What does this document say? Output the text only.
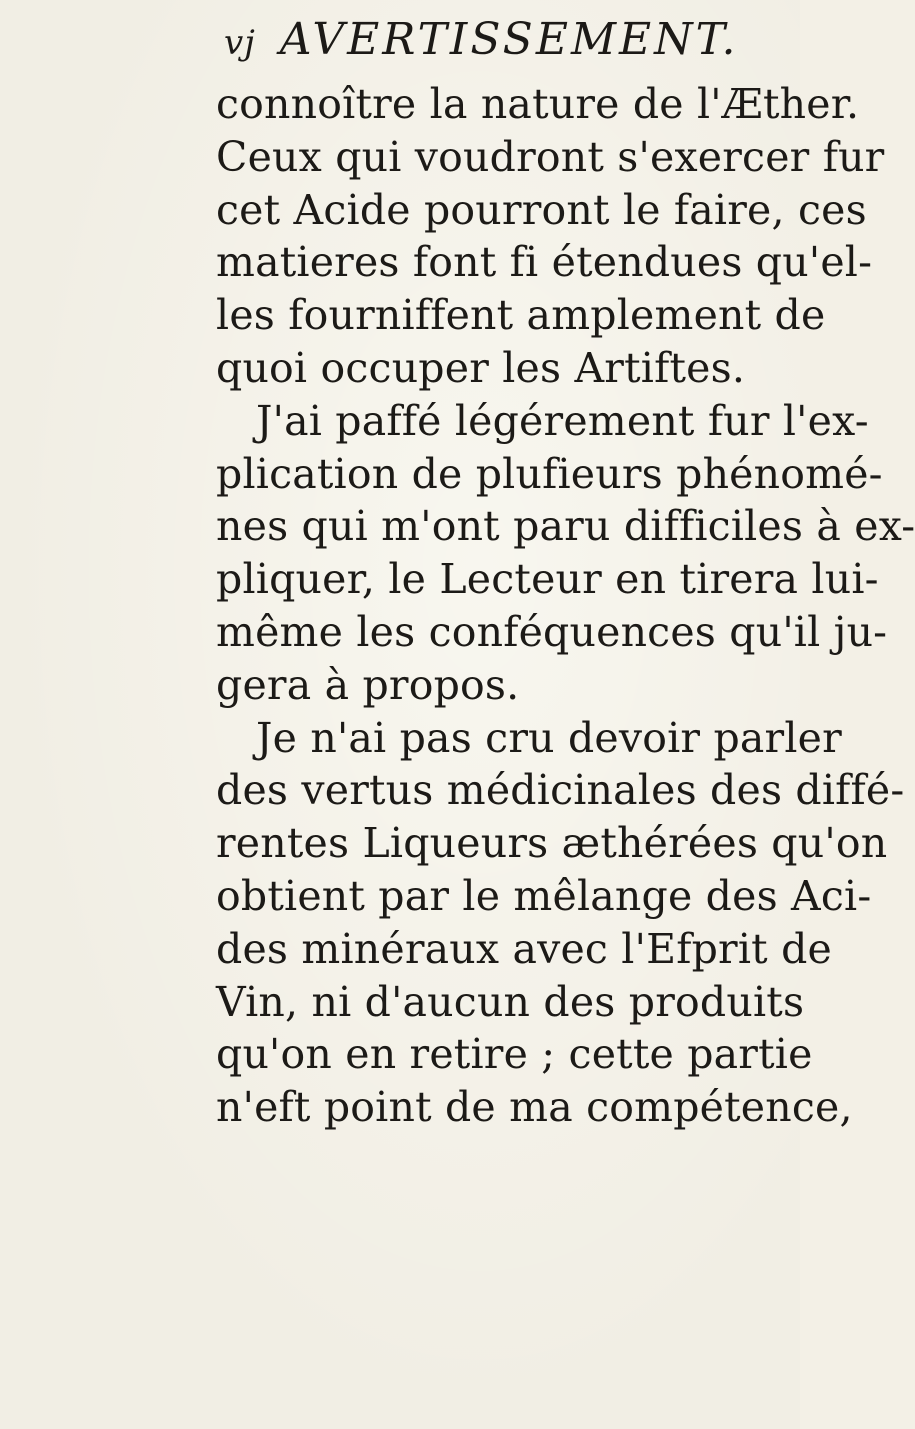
vj AVERTISSEMENT.
connoître la nature de l'Æther.
Ceux qui voudront s'exercer fur
cet Acide pourront le faire, ces
matieres font fi étendues qu'el-
les fourniffent amplement de
quoi occuper les Artiftes.
J'ai paffé légérement fur l'ex-
plication de plufieurs phénomé-
nes qui m'ont paru difficiles à ex-
pliquer, le Lecteur en tirera lui-
même les conféquences qu'il ju-
gera à propos.
Je n'ai pas cru devoir parler
des vertus médicinales des diffé-
rentes Liqueurs æthérées qu'on
obtient par le mêlange des Aci-
des minéraux avec l'Efprit de
Vin, ni d'aucun des produits
qu'on en retire ; cette partie
n'eft point de ma compétence,
